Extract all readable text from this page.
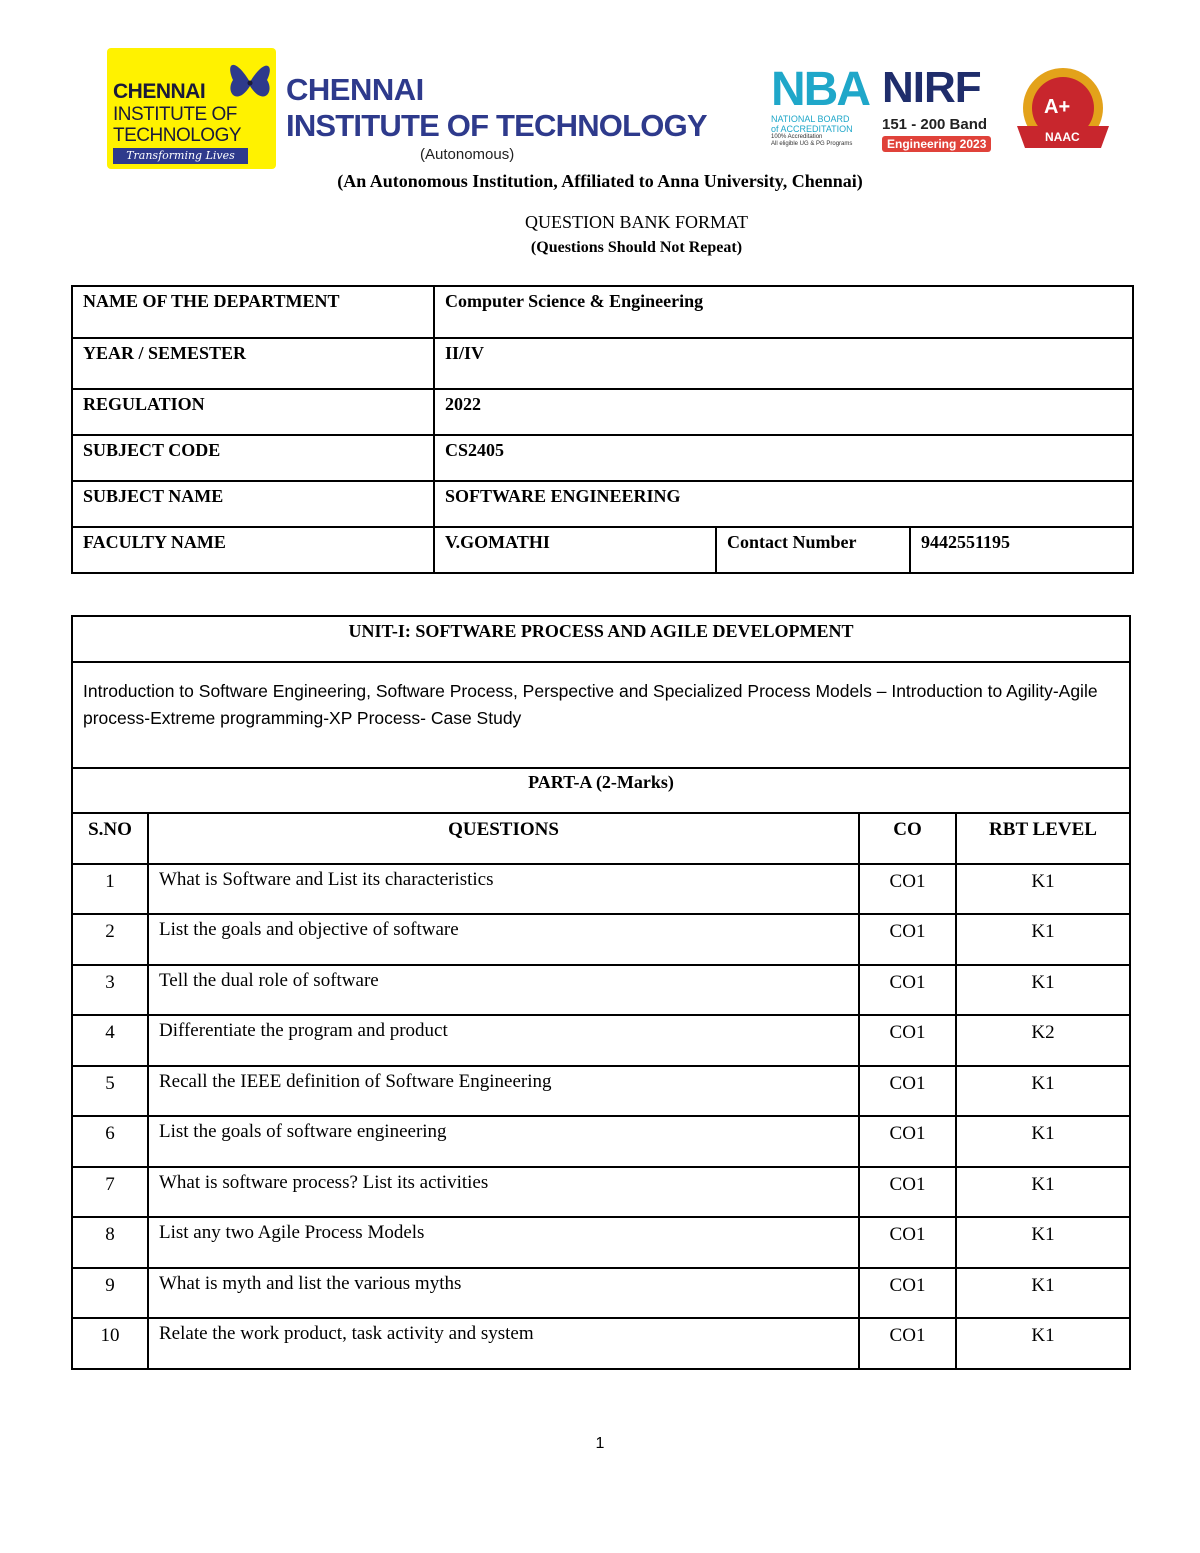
CHENNAI
INSTITUTE OF
TECHNOLOGY
Transforming Lives
CHENNAI
INSTITUTE OF TECHNOLOGY
(Autonomous)
NBA
NATIONAL BOARD
of ACCREDITATION
100% Accreditation
All eligible UG & PG Programs
NIRF
151 - 200 Band
Engineering 2023
A+
NAAC
(An Autonomous Institution, Affiliated to Anna University, Chennai)
QUESTION BANK FORMAT
(Questions Should Not Repeat)
NAME OF THE DEPARTMENT	Computer Science & Engineering		
YEAR / SEMESTER	II/IV		
REGULATION	2022		
SUBJECT CODE	CS2405		
SUBJECT NAME	SOFTWARE ENGINEERING		
FACULTY NAME	V.GOMATHI	Contact Number	9442551195
UNIT-I: SOFTWARE PROCESS AND AGILE DEVELOPMENT			
Introduction to Software Engineering, Software Process, Perspective and Specialized Process Models – Introduction to Agility-Agile process-Extreme programming-XP Process- Case Study			
PART-A (2-Marks)			
S.NO	QUESTIONS	CO	RBT LEVEL
1	What is Software and List its characteristics	CO1	K1
2	List the goals and objective of software	CO1	K1
3	Tell the dual role of software	CO1	K1
4	Differentiate the program and product	CO1	K2
5	Recall the IEEE definition of Software Engineering	CO1	K1
6	List the goals of software engineering	CO1	K1
7	What is software process? List its activities	CO1	K1
8	List any two Agile Process Models	CO1	K1
9	What is myth and list the various myths	CO1	K1
10	Relate the work product, task activity and system	CO1	K1
1
